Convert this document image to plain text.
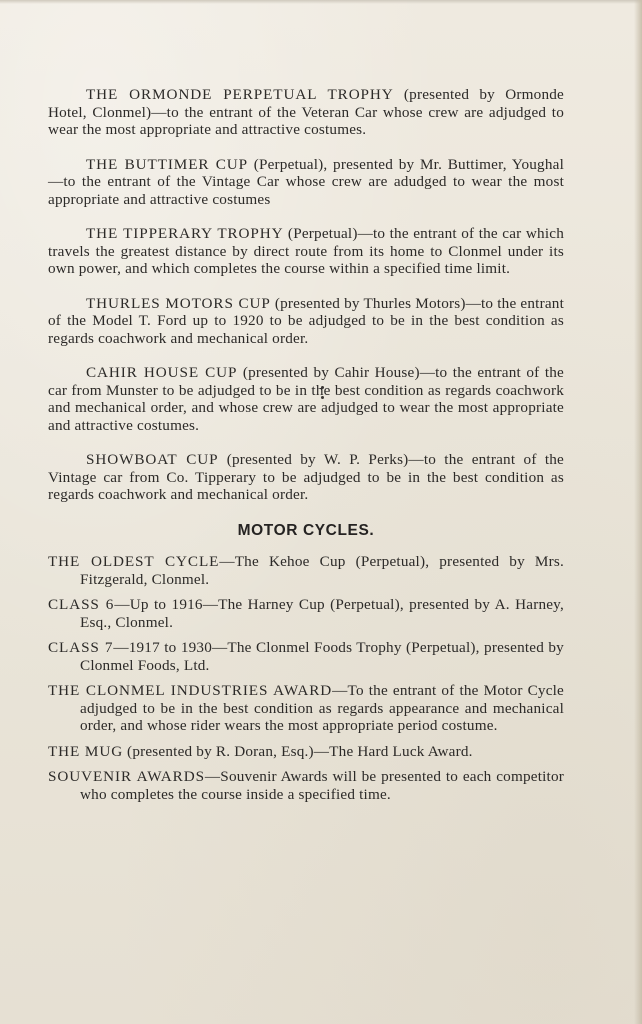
THE ORMONDE PERPETUAL TROPHY (presented by Ormonde Hotel, Clonmel)—to the entrant of the Veteran Car whose crew are adjudged to wear the most appropriate and attractive costumes.

THE BUTTIMER CUP (Perpetual), presented by Mr. Buttimer, Youghal—to the entrant of the Vintage Car whose crew are adudged to wear the most appropriate and attractive costumes

THE TIPPERARY TROPHY (Perpetual)—to the entrant of the car which travels the greatest distance by direct route from its home to Clonmel under its own power, and which completes the course within a specified time limit.

THURLES MOTORS CUP (presented by Thurles Motors)—to the entrant of the Model T. Ford up to 1920 to be adjudged to be in the best condition as regards coachwork and mechanical order.

CAHIR HOUSE CUP (presented by Cahir House)—to the entrant of the car from Munster to be adjudged to be in the best condition as regards coachwork and mechanical order, and whose crew are adjudged to wear the most appropriate and attractive costumes.

SHOWBOAT CUP (presented by W. P. Perks)—to the entrant of the Vintage car from Co. Tipperary to be adjudged to be in the best condition as regards coachwork and mechanical order.

MOTOR CYCLES.

THE OLDEST CYCLE—The Kehoe Cup (Perpetual), presented by Mrs. Fitzgerald, Clonmel.

CLASS 6—Up to 1916—The Harney Cup (Perpetual), presented by A. Harney, Esq., Clonmel.

CLASS 7—1917 to 1930—The Clonmel Foods Trophy (Perpetual), presented by Clonmel Foods, Ltd.

THE CLONMEL INDUSTRIES AWARD—To the entrant of the Motor Cycle adjudged to be in the best condition as regards appearance and mechanical order, and whose rider wears the most appropriate period costume.

THE MUG (presented by R. Doran, Esq.)—The Hard Luck Award.

SOUVENIR AWARDS—Souvenir Awards will be presented to each competitor who completes the course inside a specified time.
